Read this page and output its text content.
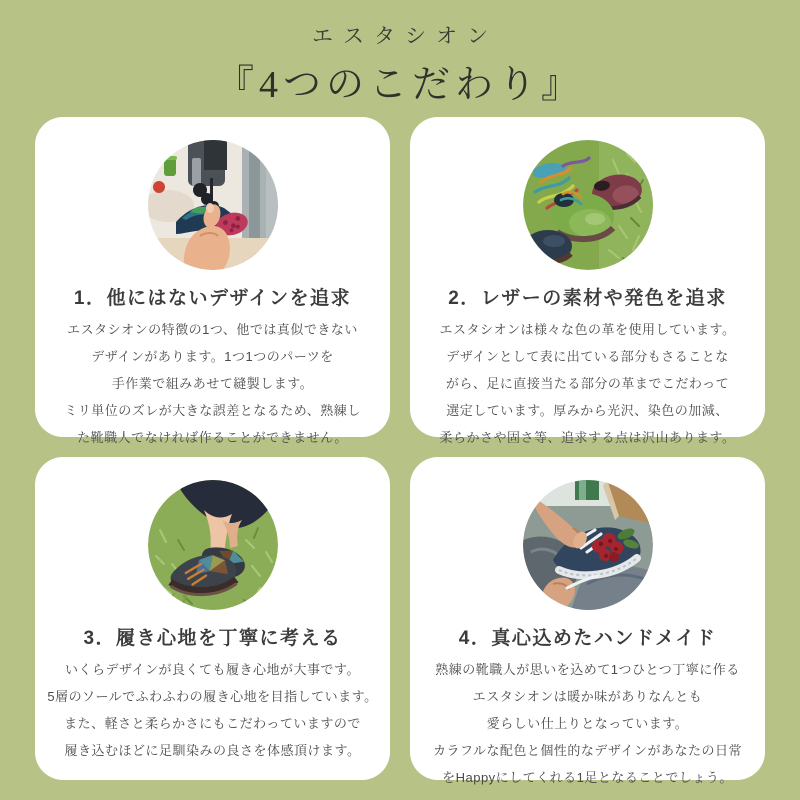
エスタシオン
『4つのこだわり』
1．他にはないデザインを追求
エスタシオンの特徴の1つ、他では真似できない
デザインがあります。1つ1つのパーツを
手作業で組みあせて縫製します。
ミリ単位のズレが大きな誤差となるため、熟練し
た靴職人でなければ作ることができません。
2．レザーの素材や発色を追求
エスタシオンは様々な色の革を使用しています。
デザインとして表に出ている部分もさることな
がら、足に直接当たる部分の革までこだわって
選定しています。厚みから光沢、染色の加減、
柔らかさや固さ等、追求する点は沢山あります。
3．履き心地を丁寧に考える
いくらデザインが良くても履き心地が大事です。
5層のソールでふわふわの履き心地を目指しています。
また、軽さと柔らかさにもこだわっていますので
履き込むほどに足馴染みの良さを体感頂けます。
4．真心込めたハンドメイド
熟練の靴職人が思いを込めて1つひとつ丁寧に作る
エスタシオンは暖か味がありなんとも
愛らしい仕上りとなっています。
カラフルな配色と個性的なデザインがあなたの日常
をHappyにしてくれる1足となることでしょう。
